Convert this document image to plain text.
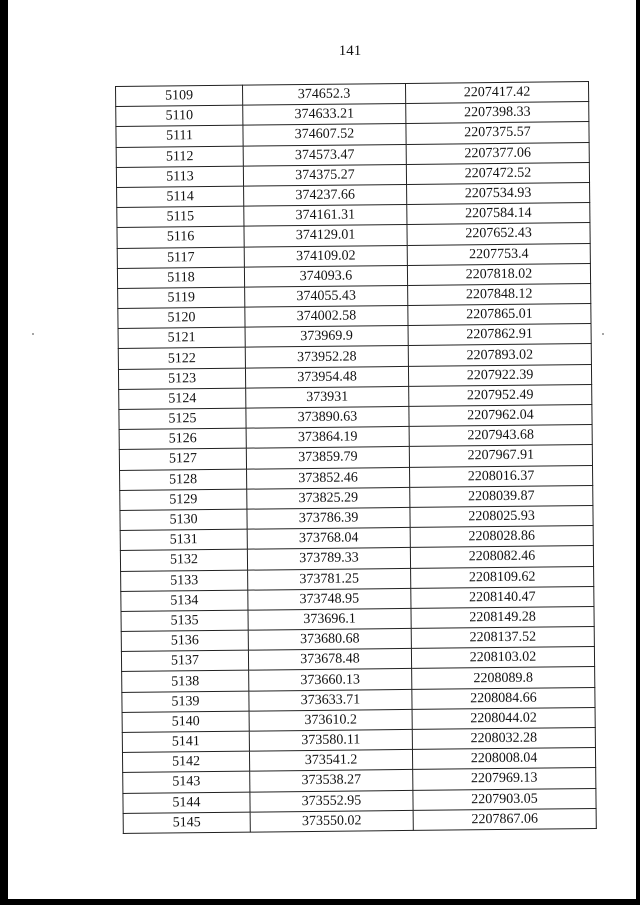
141
5109	374652.3	2207417.42
5110	374633.21	2207398.33
5111	374607.52	2207375.57
5112	374573.47	2207377.06
5113	374375.27	2207472.52
5114	374237.66	2207534.93
5115	374161.31	2207584.14
5116	374129.01	2207652.43
5117	374109.02	2207753.4
5118	374093.6	2207818.02
5119	374055.43	2207848.12
5120	374002.58	2207865.01
5121	373969.9	2207862.91
5122	373952.28	2207893.02
5123	373954.48	2207922.39
5124	373931	2207952.49
5125	373890.63	2207962.04
5126	373864.19	2207943.68
5127	373859.79	2207967.91
5128	373852.46	2208016.37
5129	373825.29	2208039.87
5130	373786.39	2208025.93
5131	373768.04	2208028.86
5132	373789.33	2208082.46
5133	373781.25	2208109.62
5134	373748.95	2208140.47
5135	373696.1	2208149.28
5136	373680.68	2208137.52
5137	373678.48	2208103.02
5138	373660.13	2208089.8
5139	373633.71	2208084.66
5140	373610.2	2208044.02
5141	373580.11	2208032.28
5142	373541.2	2208008.04
5143	373538.27	2207969.13
5144	373552.95	2207903.05
5145	373550.02	2207867.06
